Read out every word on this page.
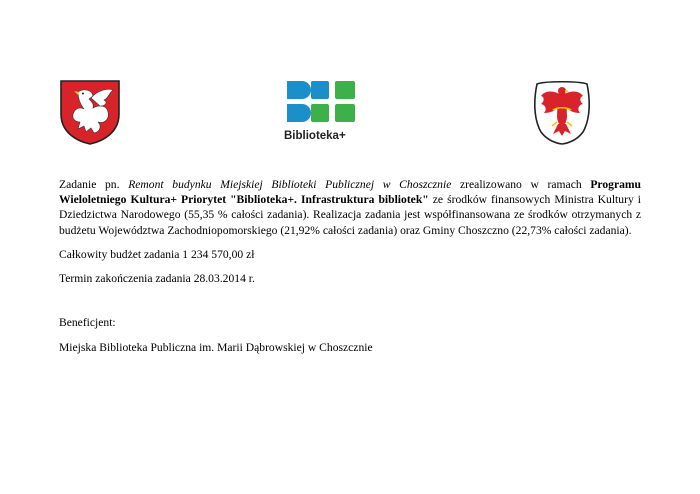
Biblioteka+

Zadanie pn. Remont budynku Miejskiej Biblioteki Publicznej w Choszcznie zrealizowano w ramach Programu Wieloletniego Kultura+ Priorytet "Biblioteka+. Infrastruktura bibliotek" ze środków finansowych Ministra Kultury i Dziedzictwa Narodowego (55,35 % całości zadania). Realizacja zadania jest współfinansowana ze środków otrzymanych z budżetu Województwa Zachodniopomorskiego (21,92% całości zadania) oraz Gminy Choszczno (22,73% całości zadania).

Całkowity budżet zadania 1 234 570,00 zł

Termin zakończenia zadania 28.03.2014 r.

Beneficjent:

Miejska Biblioteka Publiczna im. Marii Dąbrowskiej w Choszcznie
